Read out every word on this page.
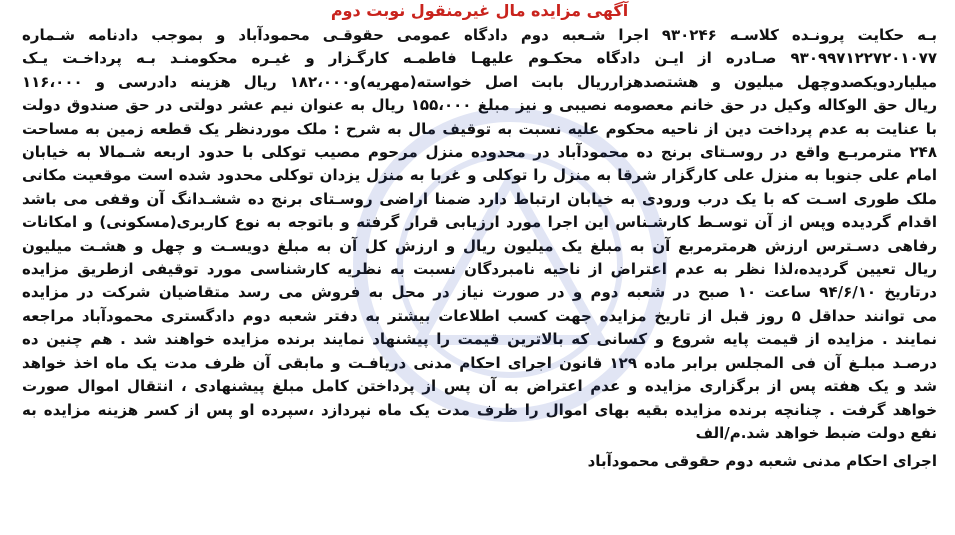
آگهی مزایده مال غیرمنقول نوبت دوم
بـه حکایت پرونـده کلاسـه ۹۳۰۲۴۶ اجرا شـعبه دوم دادگاه عمومی حقوقـی محمودآباد و بموجب دادنامه شـماره
۹۳۰۹۹۷۱۲۲۷۲۰۱۰۷۷ صـادره از ایـن دادگاه محکـوم علیهـا فاطمـه کارگـزار و غیـره محکومنـد بـه پرداخـت یـک
میلیاردویکصدوچهل میلیون و هشتصدهزارریال بابت اصل خواسته(مهریه)و۱۸۲،۰۰۰ ریال هزینه دادرسی و ۱۱۶،۰۰۰
ریال حق الوکاله وکیل در حق خانم معصومه نصیبی و نیز مبلغ ۱۵۵،۰۰۰ ریال به عنوان نیم عشر دولتی در حق صندوق دولت
با عنایت به عدم پرداخت دین از ناحیه محکوم علیه نسبت به توقیف مال به شرح : ملک موردنظر یک قطعه زمین به مساحت
۲۴۸ مترمربـع واقع در روسـتای برنج ده محمودآباد در محدوده منزل مرحوم مصیب توکلی با حدود اربعه شـمالا به خیابان
امام علی جنوبا به منزل علی کارگزار شرقا به منزل را توکلی و غربا به منزل یزدان توکلی محدود شده است موقعیت مکانی
ملک طوری اسـت که با یک درب ورودی به خیابان ارتباط دارد ضمنا اراضی روسـتای برنج ده ششـدانگ آن وقفی می باشد
اقدام گردیده وپس از آن توسـط کارشـناس این اجرا مورد ارزیابی قرار گرفته و باتوجه به نوع کاربری(مسکونی) و امکانات
رفاهی دسـترس ارزش هرمترمربع آن به مبلغ یک میلیون ریال و ارزش کل آن به مبلغ دویسـت و چهل و هشـت میلیون
ریال تعیین گردیده،لذا نظر به عدم اعتراض از ناحیه نامبردگان نسبت به نظریه کارشناسی مورد توقیفی ازطریق مزایده
درتاریخ ۹۴/۶/۱۰ ساعت ۱۰ صبح در شعبه دوم و در صورت نیاز در محل به فروش می رسد متقاضیان شرکت در مزایده
می توانند حداقل ۵ روز قبل از تاریخ مزایده جهت کسب اطلاعات بیشتر به دفتر شعبه دوم دادگستری محمودآباد مراجعه
نمایند . مزایده از قیمت پایه شروع و کسانی که بالاترین قیمت را پیشنهاد نمایند برنده مزایده خواهند شد . هم چنین ده
درصـد مبلـغ آن فی المجلس برابر ماده ۱۲۹ قانون اجرای احکام مدنی دریافـت و مابقی آن ظرف مدت یک ماه اخذ خواهد
شد و یک هفته پس از برگزاری مزایده و عدم اعتراض به آن پس از پرداختن کامل مبلغ پیشنهادی ، انتقال اموال صورت
خواهد گرفت . چنانچه برنده مزایده بقیه بهای اموال را ظرف مدت یک ماه نپردازد ،سپرده او پس از کسر هزینه مزایده به
نفع دولت ضبط خواهد شد.م/الف
اجرای احکام مدنی شعبه دوم حقوقی محمودآباد
